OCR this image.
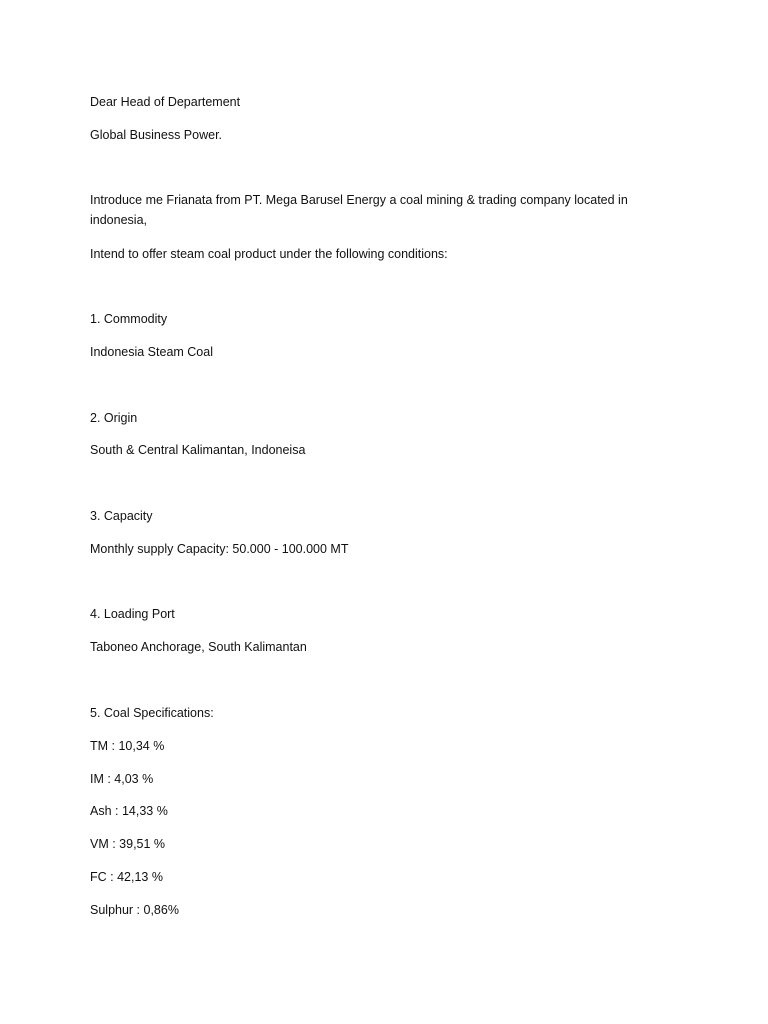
Dear Head of Departement
Global Business Power.
Introduce me Frianata from PT. Mega Barusel Energy a coal mining & trading company located in indonesia,
Intend to offer steam coal product under the following conditions:
1. Commodity
Indonesia Steam Coal
2. Origin
South & Central Kalimantan, Indoneisa
3. Capacity
Monthly supply Capacity: 50.000 - 100.000 MT
4. Loading Port
Taboneo Anchorage, South Kalimantan
5. Coal Specifications:
TM : 10,34 %
IM : 4,03 %
Ash : 14,33 %
VM : 39,51 %
FC : 42,13 %
Sulphur : 0,86%
